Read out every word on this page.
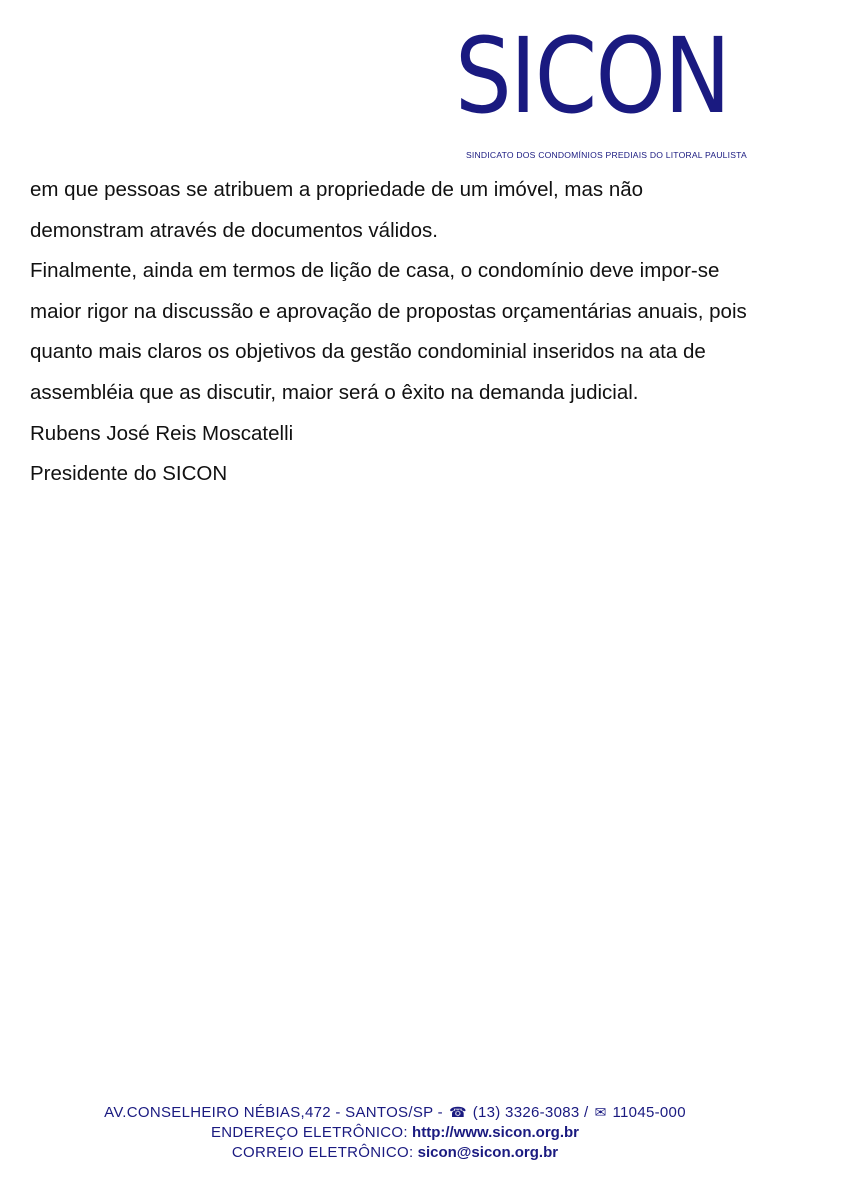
SICON
SINDICATO DOS CONDOMÍNIOS PREDIAIS DO LITORAL PAULISTA

em que pessoas se atribuem a propriedade de um imóvel, mas não demonstram através de documentos válidos.

Finalmente, ainda em termos de lição de casa, o condomínio deve impor-se maior rigor na discussão e aprovação de propostas orçamentárias anuais, pois quanto mais claros os objetivos da gestão condominial inseridos na ata de assembléia que as discutir, maior será o êxito na demanda judicial.

Rubens José Reis Moscatelli

Presidente do SICON

AV.CONSELHEIRO NÉBIAS,472 - SANTOS/SP - ☎ (13) 3326-3083 / ✉ 11045-000
ENDEREÇO ELETRÔNICO: http://www.sicon.org.br
CORREIO ELETRÔNICO: sicon@sicon.org.br
